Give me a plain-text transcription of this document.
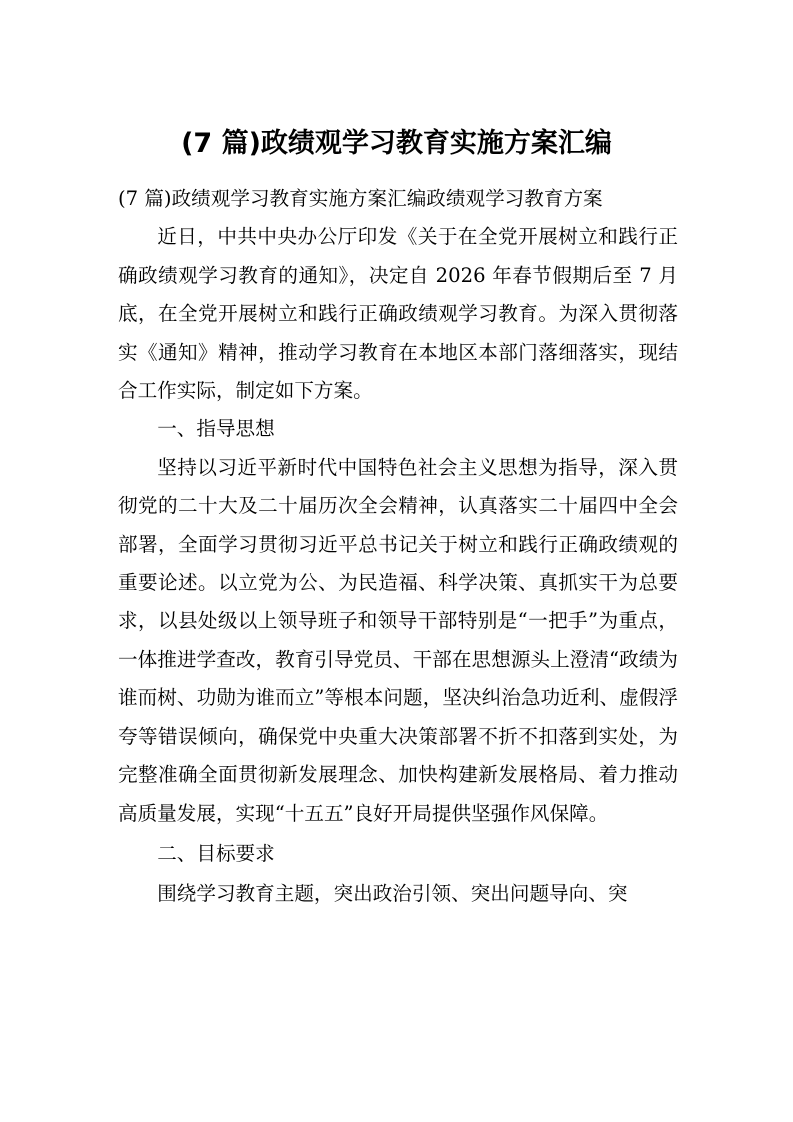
(7 篇)政绩观学习教育实施方案汇编

(7 篇)政绩观学习教育实施方案汇编政绩观学习教育方案

近日，中共中央办公厅印发《关于在全党开展树立和践行正确政绩观学习教育的通知》，决定自 2026 年春节假期后至 7 月底，在全党开展树立和践行正确政绩观学习教育。为深入贯彻落实《通知》精神，推动学习教育在本地区本部门落细落实，现结合工作实际，制定如下方案。

一、指导思想

坚持以习近平新时代中国特色社会主义思想为指导，深入贯彻党的二十大及二十届历次全会精神，认真落实二十届四中全会部署，全面学习贯彻习近平总书记关于树立和践行正确政绩观的重要论述。以立党为公、为民造福、科学决策、真抓实干为总要求，以县处级以上领导班子和领导干部特别是“一把手”为重点，一体推进学查改，教育引导党员、干部在思想源头上澄清“政绩为谁而树、功勋为谁而立”等根本问题，坚决纠治急功近利、虚假浮夸等错误倾向，确保党中央重大决策部署不折不扣落到实处，为完整准确全面贯彻新发展理念、加快构建新发展格局、着力推动高质量发展，实现“十五五”良好开局提供坚强作风保障。

二、目标要求

围绕学习教育主题，突出政治引领、突出问题导向、突
